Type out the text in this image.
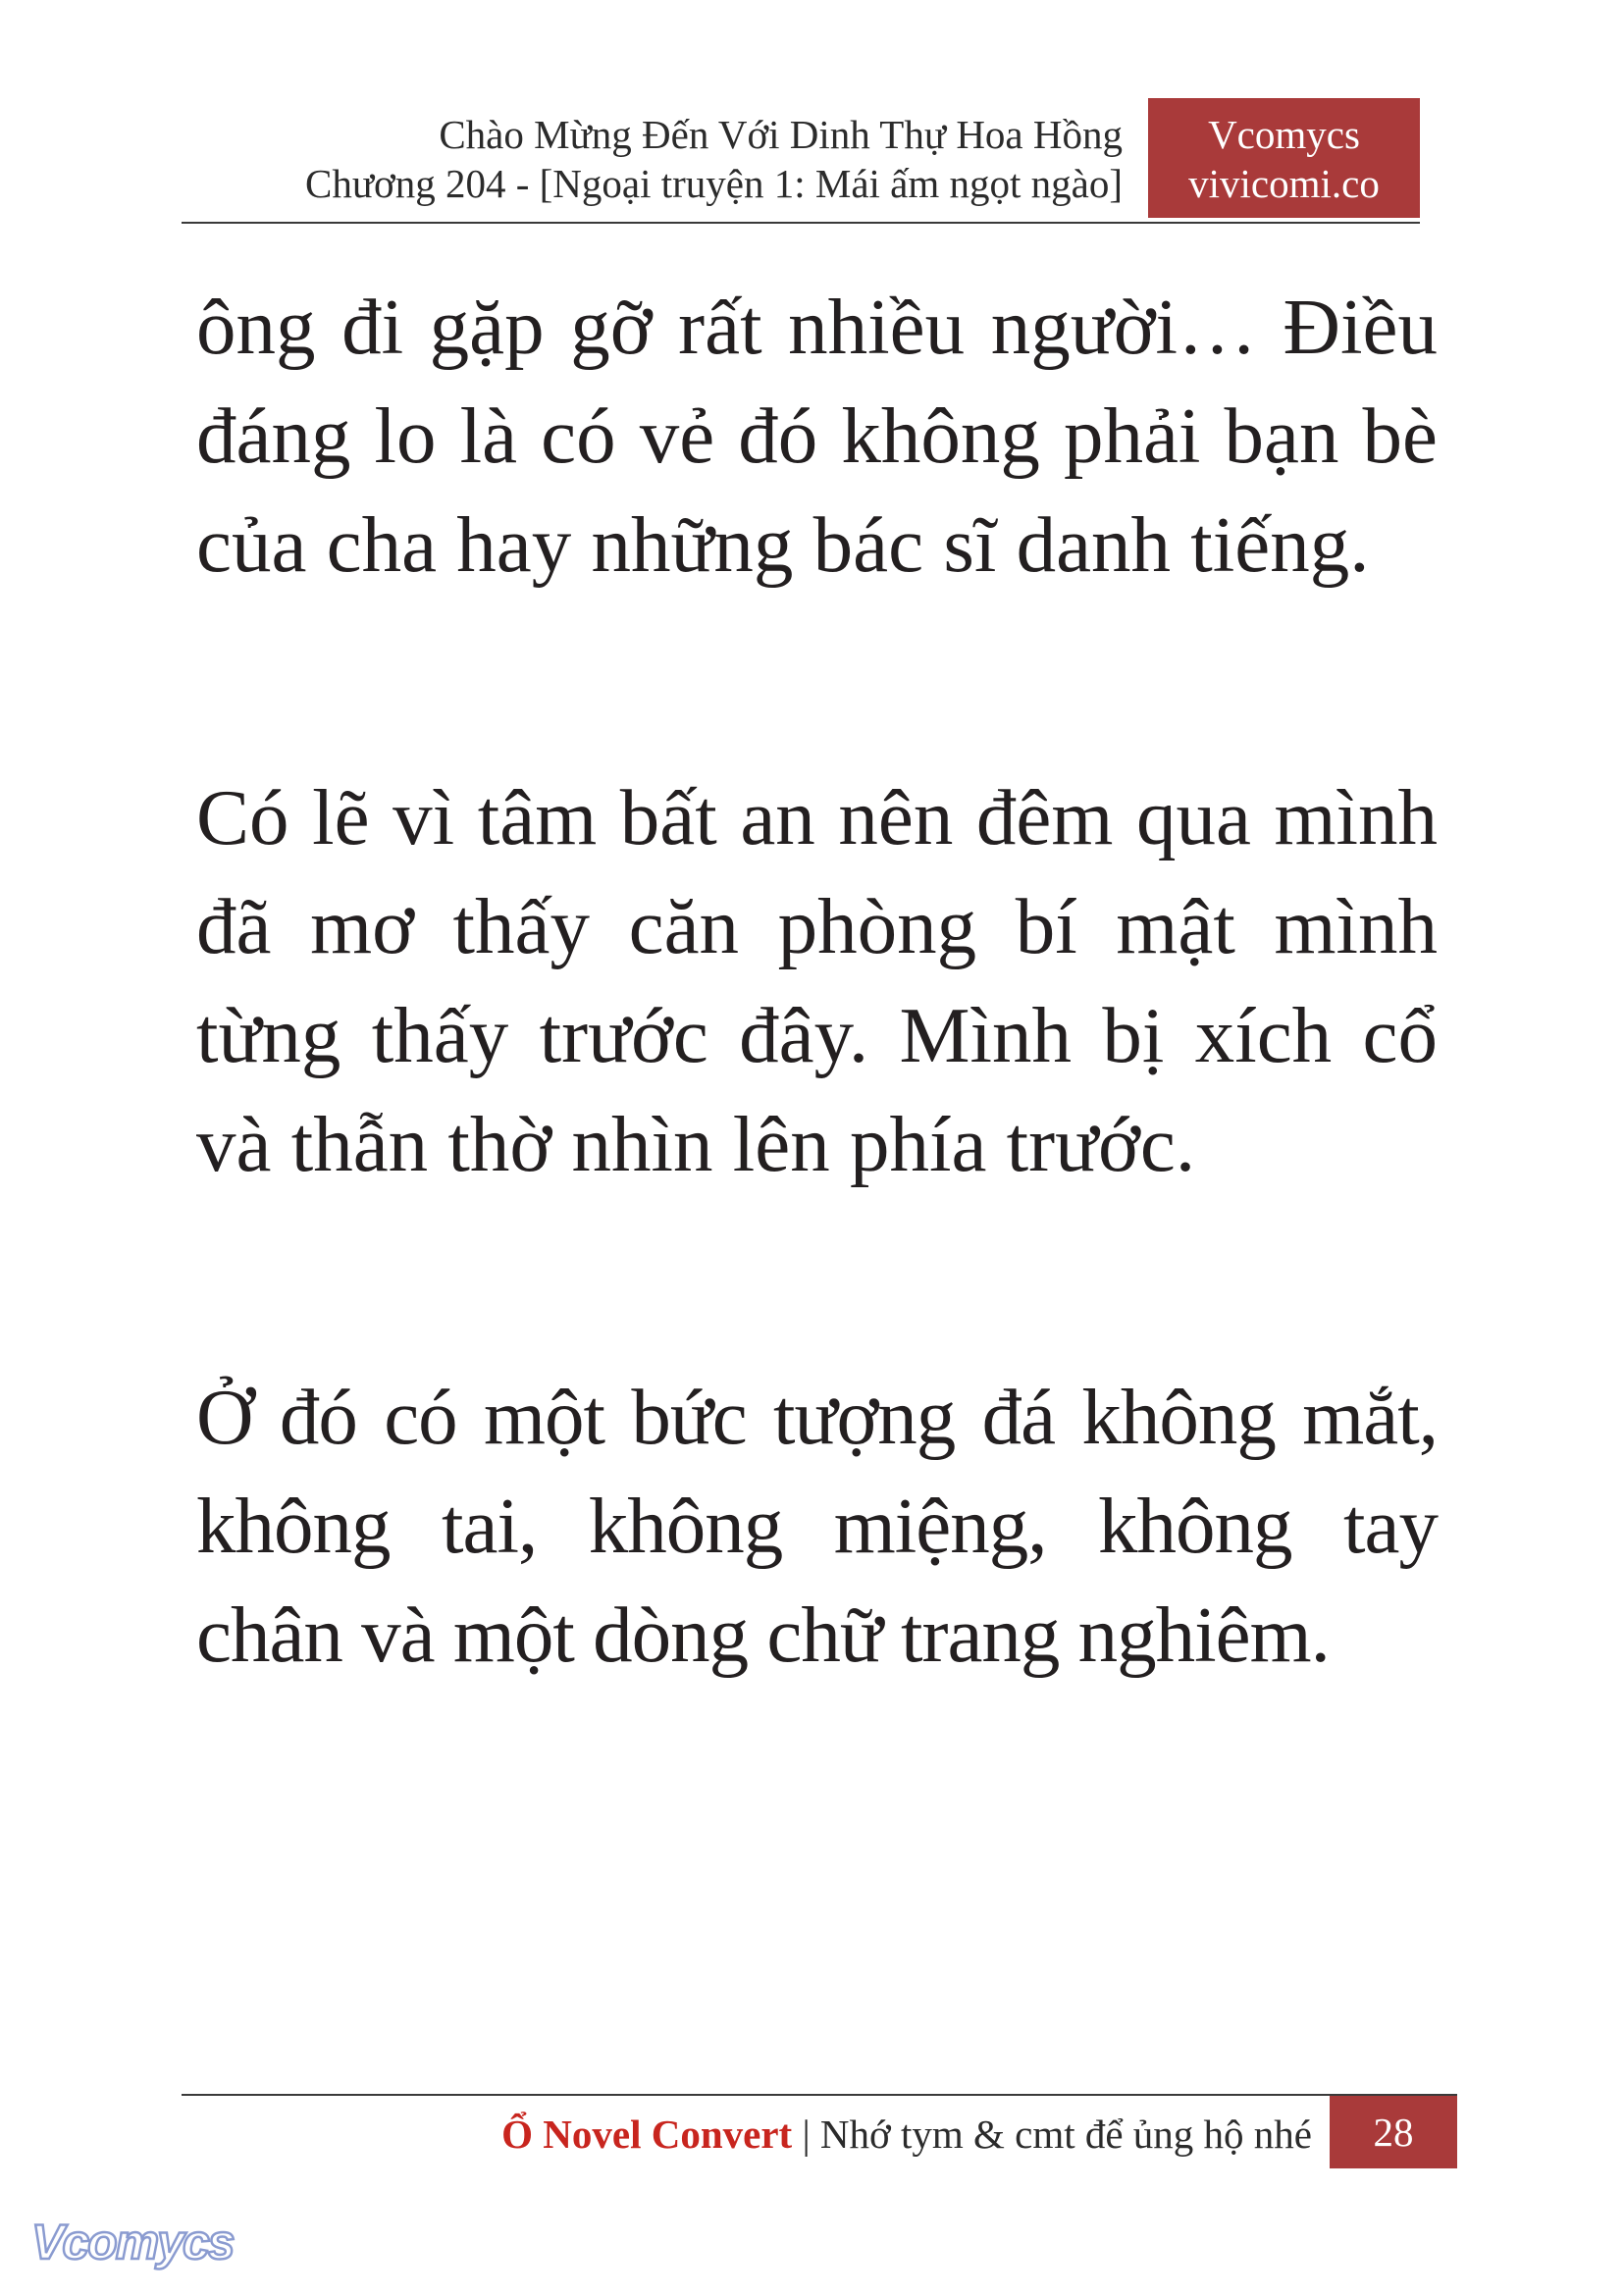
Chào Mừng Đến Với Dinh Thự Hoa Hồng
Chương 204 - [Ngoại truyện 1: Mái ấm ngọt ngào]
Vcomycs
vivicomi.co

ông đi gặp gỡ rất nhiều người… Điều đáng lo là có vẻ đó không phải bạn bè của cha hay những bác sĩ danh tiếng.

Có lẽ vì tâm bất an nên đêm qua mình đã mơ thấy căn phòng bí mật mình từng thấy trước đây. Mình bị xích cổ và thẫn thờ nhìn lên phía trước.

Ở đó có một bức tượng đá không mắt, không tai, không miệng, không tay chân và một dòng chữ trang nghiêm.

Ổ Novel Convert | Nhớ tym & cmt để ủng hộ nhé	28
Vcomycs
